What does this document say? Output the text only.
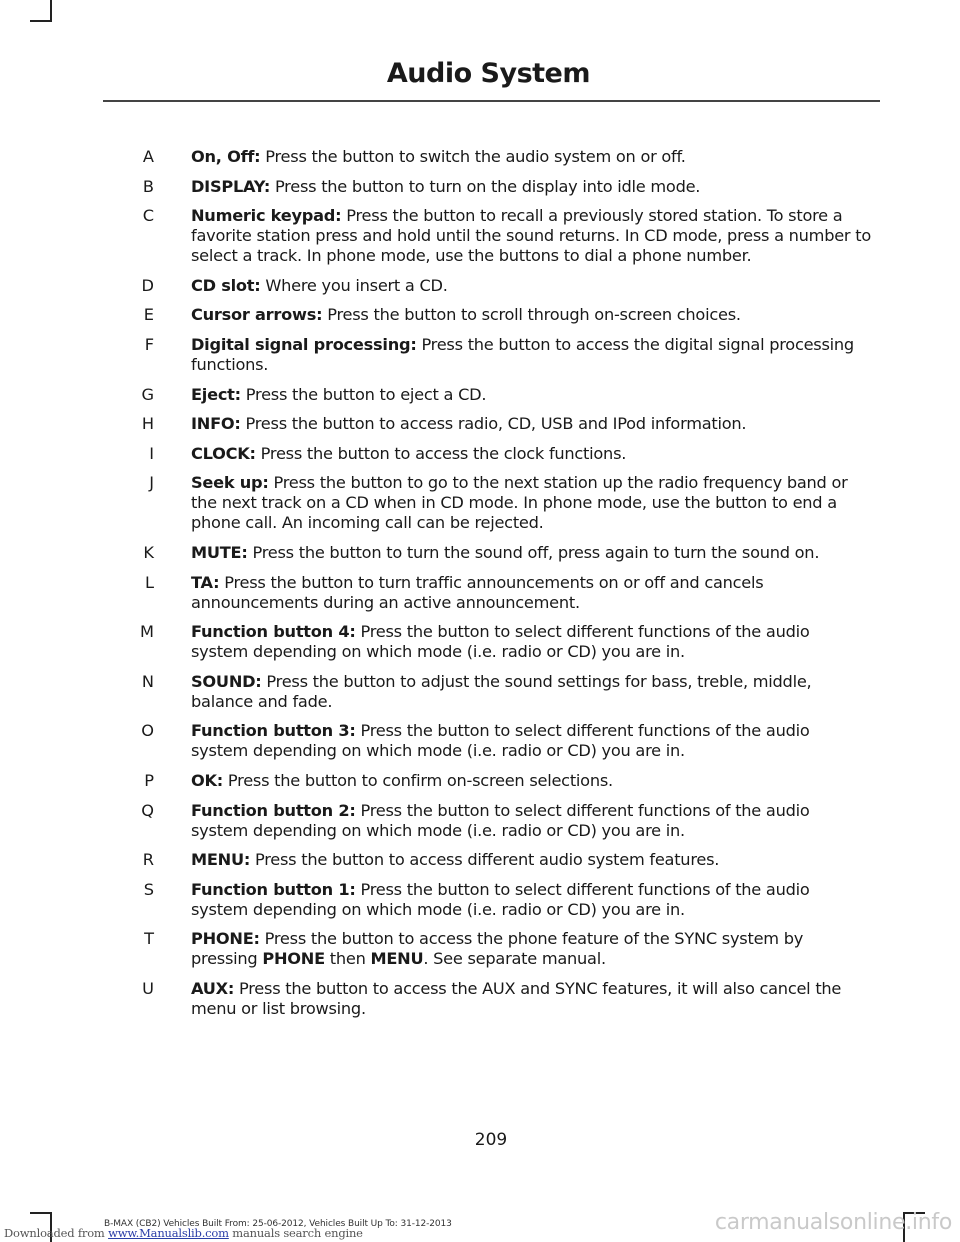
Audio System
A On, Off: Press the button to switch the audio system on or off.
B DISPLAY: Press the button to turn on the display into idle mode.
C Numeric keypad: Press the button to recall a previously stored station. To store a favorite station press and hold until the sound returns. In CD mode, press a number to select a track. In phone mode, use the buttons to dial a phone number.
D CD slot: Where you insert a CD.
E Cursor arrows: Press the button to scroll through on-screen choices.
F Digital signal processing: Press the button to access the digital signal processing functions.
G Eject: Press the button to eject a CD.
H INFO: Press the button to access radio, CD, USB and IPod information.
I CLOCK: Press the button to access the clock functions.
J Seek up: Press the button to go to the next station up the radio frequency band or the next track on a CD when in CD mode. In phone mode, use the button to end a phone call. An incoming call can be rejected.
K MUTE: Press the button to turn the sound off, press again to turn the sound on.
L TA: Press the button to turn traffic announcements on or off and cancels announcements during an active announcement.
M Function button 4: Press the button to select different functions of the audio system depending on which mode (i.e. radio or CD) you are in.
N SOUND: Press the button to adjust the sound settings for bass, treble, middle, balance and fade.
O Function button 3: Press the button to select different functions of the audio system depending on which mode (i.e. radio or CD) you are in.
P OK: Press the button to confirm on-screen selections.
Q Function button 2: Press the button to select different functions of the audio system depending on which mode (i.e. radio or CD) you are in.
R MENU: Press the button to access different audio system features.
S Function button 1: Press the button to select different functions of the audio system depending on which mode (i.e. radio or CD) you are in.
T PHONE: Press the button to access the phone feature of the SYNC system by pressing PHONE then MENU. See separate manual.
U AUX: Press the button to access the AUX and SYNC features, it will also cancel the menu or list browsing.
209
B-MAX (CB2) Vehicles Built From: 25-06-2012, Vehicles Built Up To: 31-12-2013
Downloaded from www.Manualslib.com manuals search engine	carmanualsonline.info
